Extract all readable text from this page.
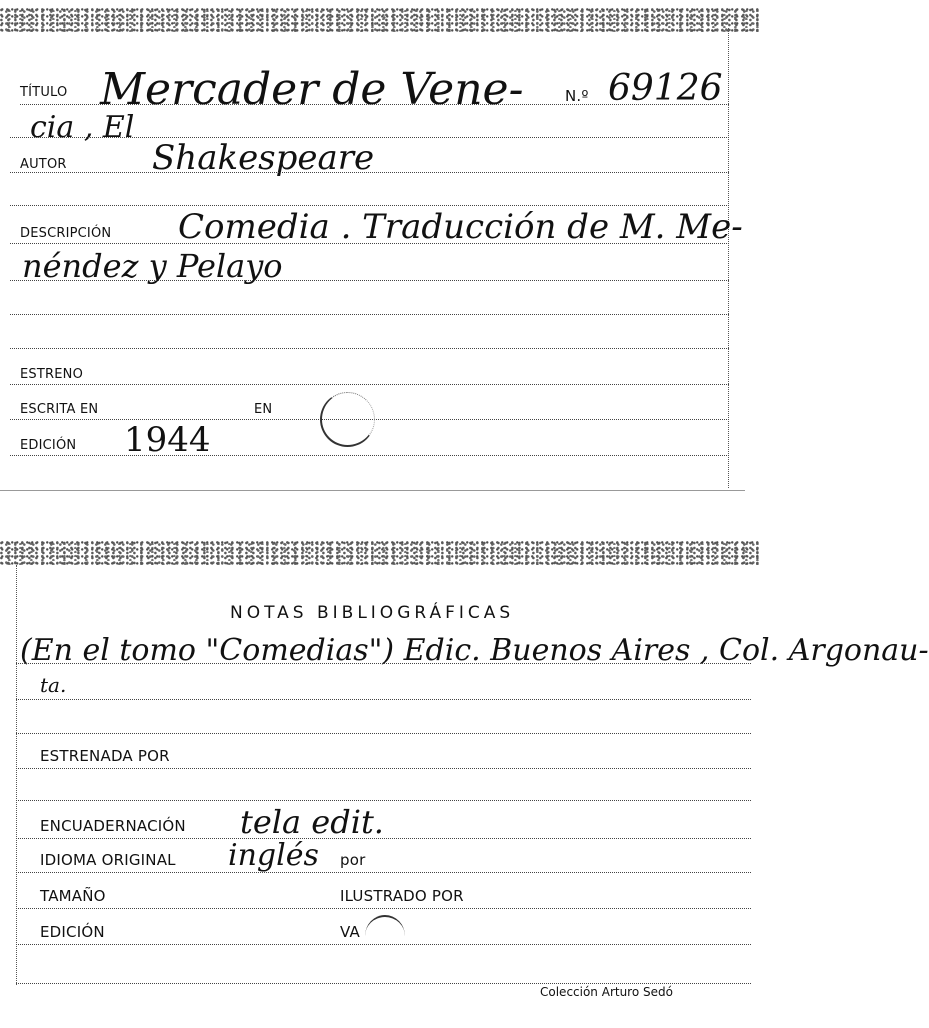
TÍTULO Mercader de Vene-	N.º 69126
cia , El
AUTOR	Shakespeare
DESCRIPCIÓN Comedia . Traducción de M. Me-
néndez y Pelayo
ESTRENO
ESCRITA EN	EN
EDICIÓN 1944
NOTAS BIBLIOGRÁFICAS
(En el tomo "Comedias") Edic. Buenos Aires , Col. Argonau-
ta.
ESTRENADA POR
ENCUADERNACIÓN tela edit.
IDIOMA ORIGINAL inglés por
TAMAÑO	ILUSTRADO POR
EDICIÓN	VA
Colección Arturo Sedó
